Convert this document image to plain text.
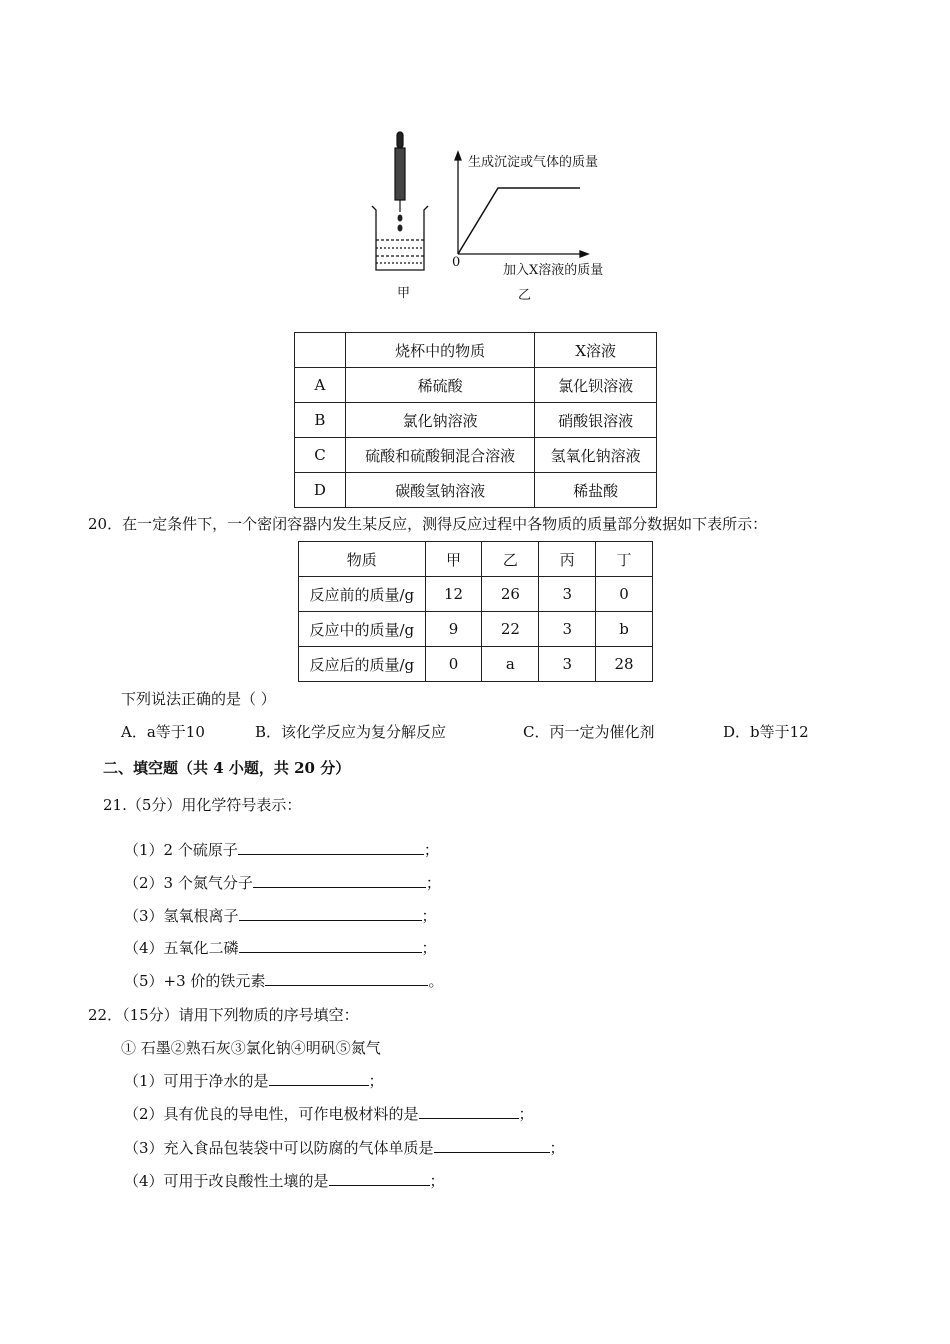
生成沉淀或气体的质量
加入X溶液的质量
0
甲	乙
	烧杯中的物质	X溶液
A	稀硫酸	氯化钡溶液
B	氯化钠溶液	硝酸银溶液
C	硫酸和硫酸铜混合溶液	氢氧化钠溶液
D	碳酸氢钠溶液	稀盐酸
20．在一定条件下，一个密闭容器内发生某反应，测得反应过程中各物质的质量部分数据如下表所示：
物质	甲	乙	丙	丁
反应前的质量/g	12	26	3	0
反应中的质量/g	9	22	3	b
反应后的质量/g	0	a	3	28
下列说法正确的是（ ）
A．a等于10	B．该化学反应为复分解反应	C．丙一定为催化剂	D．b等于12
二、填空题（共 4 小题，共 20 分）
21.（5分）用化学符号表示：
（1）2 个硫原子	；
（2）3 个氮气分子	；
（3）氢氧根离子	；
（4）五氧化二磷	；
（5）+3 价的铁元素	。
22．（15分）请用下列物质的序号填空：
① 石墨②熟石灰③氯化钠④明矾⑤氮气
（1）可用于净水的是	；
（2）具有优良的导电性，可作电极材料的是	；
（3）充入食品包装袋中可以防腐的气体单质是	；
（4）可用于改良酸性土壤的是	；
